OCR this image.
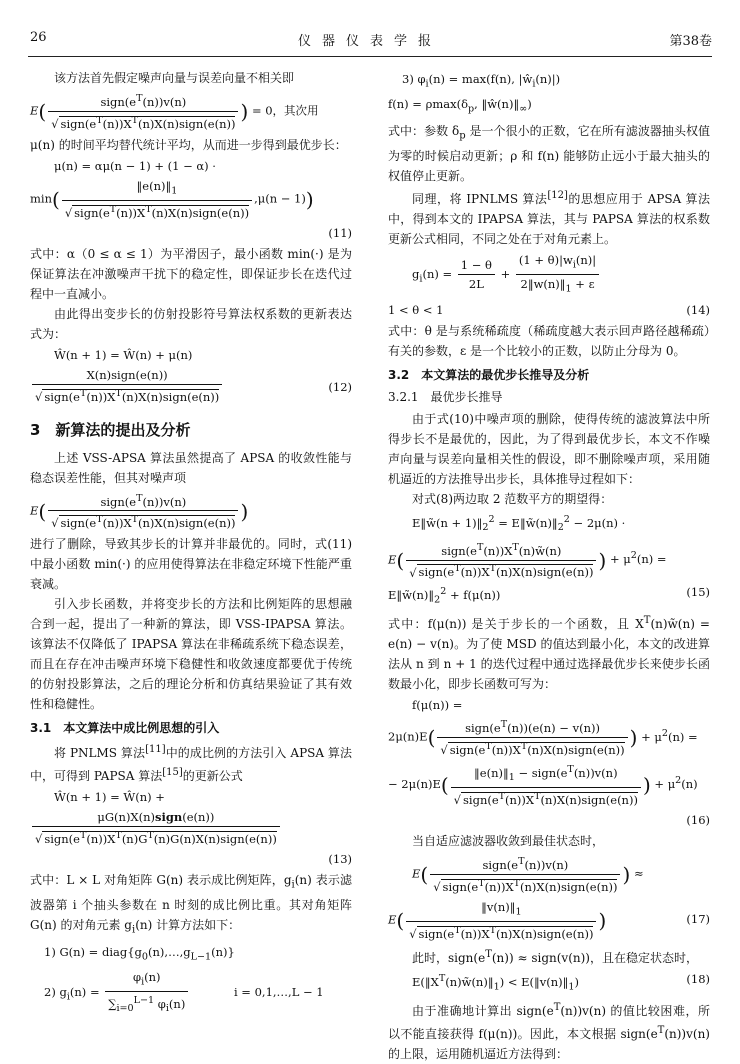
26	仪器仪表学报	第38卷

该方法首先假定噪声向量与误差向量不相关即

E(	$sign(e^T(n))v(n)$
√ $sign(e^T(n))X^T(n)X(n)sign(e(n))$
) = 0，其次用

μ(n) 的时间平均替代统计平均，从而进一步得到最优步长：

μ(n) = αμ(n − 1) + (1 − α) ·
min(
$‖e(n)‖_1$
√ $sign(e^T(n))X^T(n)X(n)sign(e(n))$
,μ(n − 1))
(11)

式中：α（0 ≤ α ≤ 1）为平滑因子，最小函数 min(·) 是为保证算法在冲激噪声干扰下的稳定性，即保证步长在迭代过程中一直减小。

由此得出变步长的仿射投影符号算法权系数的更新表达式为：

Ŵ(n + 1) = Ŵ(n) + μ(n)
X(n)sign(e(n))
√ $sign(e^T(n))X^T(n)X(n)sign(e(n))$
(12)
3　新算法的提出及分析

上述 VSS-APSA 算法虽然提高了 APSA 的收敛性能与稳态误差性能，但其对噪声项

E(	$sign(e^T(n))v(n)$
√ $sign(e^T(n))X^T(n)X(n)sign(e(n))$
)

进行了删除，导致其步长的计算并非最优的。同时，式(11)中最小函数 min(·) 的应用使得算法在非稳定环境下性能严重衰减。

引入步长函数，并将变步长的方法和比例矩阵的思想融合到一起，提出了一种新的算法，即 VSS-IPAPSA 算法。该算法不仅降低了 IPAPSA 算法在非稀疏系统下稳态误差，而且在存在冲击噪声环境下稳健性和收敛速度都要优于传统的仿射投影算法，之后的理论分析和仿真结果验证了其有效性和稳健性。

3.1　本文算法中成比例思想的引入

将 PNLMS 算法[11]中的成比例的方法引入 APSA 算法中，可得到 PAPSA 算法[15]的更新公式

Ŵ(n + 1) = Ŵ(n) +
μG(n)X(n)sign(e(n))
√ $sign(e^T(n))X^T(n)G^T(n)G(n)X(n)sign(e(n))$
(13)

式中：L × L 对角矩阵 G(n) 表示成比例矩阵，$g_i(n)$ 表示滤波器第 i 个抽头参数在 n 时刻的成比例比重。其对角矩阵 G(n) 的对角元素 $g_i(n)$ 计算方法如下：

1) $G(n) = diag\{g_0(n),\dots,g_{L-1}(n)\}$
2) $g_i(n) = \frac{\varphi_i(n)}{\sum_{i=0}^{L-1} \varphi_i(n)}$	i = 0,1,…,L − 1
3) $\varphi_i(n) = \max(f(n)$, $|ŵ_i(n)|$)
$f(n) = \rho\max(\delta_p$, $‖ŵ(n)‖_\infty$)

式中：参数 $\delta_p$ 是一个很小的正数，它在所有滤波器抽头权值为零的时候启动更新；ρ 和 f(n) 能够防止远小于最大抽头的权值停止更新。

同理，将 IPNLMS 算法[12]的思想应用于 APSA 算法中，得到本文的 IPAPSA 算法，其与 PAPSA 算法的权系数更新公式相同，不同之处在于对角元素上。

$g_i(n) = \frac{1 - \theta}{2L} + \frac{(1 + \theta)|w_i(n)|}{2‖w(n)‖_1 + \varepsilon}$
1 < θ < 1	(14)

式中：θ 是与系统稀疏度（稀疏度越大表示回声路径越稀疏）有关的参数，ε 是一个比较小的正数，以防止分母为 0。

3.2　本文算法的最优步长推导及分析
3.2.1　最优步长推导

由于式(10)中噪声项的删除，使得传统的滤波算法中所得步长不是最优的，因此，为了得到最优步长，本文不作噪声向量与误差向量相关性的假设，即不删除噪声项，采用随机逼近的方法推导出步长，具体推导过程如下：

对式(8)两边取 2 范数平方的期望得：

E‖w̃(n + $1)‖_2^2$ = $E‖w̃(n)‖_2^2 - 2\mu(n)$ ·
E(	$sign(e^T(n))X^T(n)w̃(n)$
√ $sign(e^T(n))X^T(n)X(n)sign(e(n))$
) + $\mu^2(n)$ =
$E‖w̃(n)‖_2^2 + f(\mu(n))$	(15)

式中：f(μ(n)) 是关于步长的一个函数，且 $X^T(n)w̃(n) = e(n) - v(n)$。为了使 MSD 的值达到最小化，本文的改进算法从 n 到 n + 1 的迭代过程中通过选择最优步长来使步长函数最小化，即步长函数可写为：

f(μ(n)) =
2μ(n)E(	$sign(e^T(n))(e(n) - v(n))$
√ $sign(e^T(n))X^T(n)X(n)sign(e(n))$
) + $\mu^2(n)$ =
− 2μ(n)E(
$‖e(n)‖_1$ − $sign(e^T(n))v(n)$
√ $sign(e^T(n))X^T(n)X(n)sign(e(n))$
) + $\mu^2(n)$
(16)

当自适应滤波器收敛到最佳状态时，

E(	$sign(e^T(n))v(n)$
√ $sign(e^T(n))X^T(n)X(n)sign(e(n))$
) ≈
E(
$‖v(n)‖_1$
√ $sign(e^T(n))X^T(n)X(n)sign(e(n))$
)	(17)

此时，$sign(e^T(n))$ ≈ sign(v(n))，且在稳定状态时，

$E(‖X^T(n)w̃(n)‖_1)$ < $E(‖v(n)‖_1)$	(18)

由于准确地计算出 $sign(e^T(n))v(n)$ 的值比较困难，所以不能直接获得 f(μ(n))。因此，本文根据 $sign(e^T(n))v(n)$ 的上限，运用随机逼近方法得到：
